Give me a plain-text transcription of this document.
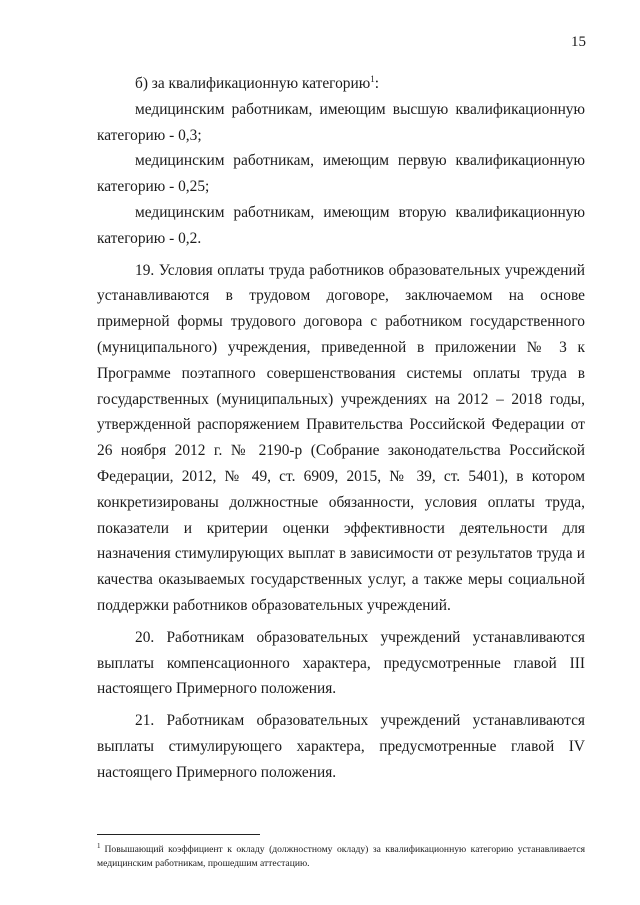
15

б) за квалификационную категорию$^1$:

медицинским работникам, имеющим высшую квалификационную

категорию - 0,3;

медицинским работникам, имеющим первую квалификационную

категорию - 0,25;

медицинским работникам, имеющим вторую квалификационную

категорию - 0,2.

19. Условия оплаты труда работников образовательных учреждений устанавливаются в трудовом договоре, заключаемом на основе примерной формы трудового договора с работником государственного (муниципального) учреждения, приведенной в приложении № 3 к Программе поэтапного совершенствования системы оплаты труда в государственных (муниципальных) учреждениях на 2012 – 2018 годы, утвержденной распоряжением Правительства Российской Федерации от 26 ноября 2012 г. № 2190-р (Собрание законодательства Российской Федерации, 2012, № 49, ст. 6909, 2015, № 39, ст. 5401), в котором конкретизированы должностные обязанности, условия оплаты труда, показатели и критерии оценки эффективности деятельности для назначения стимулирующих выплат в зависимости от результатов труда и качества оказываемых государственных услуг, а также меры социальной поддержки работников образовательных учреждений.

20. Работникам образовательных учреждений устанавливаются выплаты компенсационного характера, предусмотренные главой III настоящего Примерного положения.

21. Работникам образовательных учреждений устанавливаются выплаты стимулирующего характера, предусмотренные главой IV настоящего Примерного положения.

$^1$ Повышающий коэффициент к окладу (должностному окладу) за квалификационную категорию устанавливается медицинским работникам, прошедшим аттестацию.
